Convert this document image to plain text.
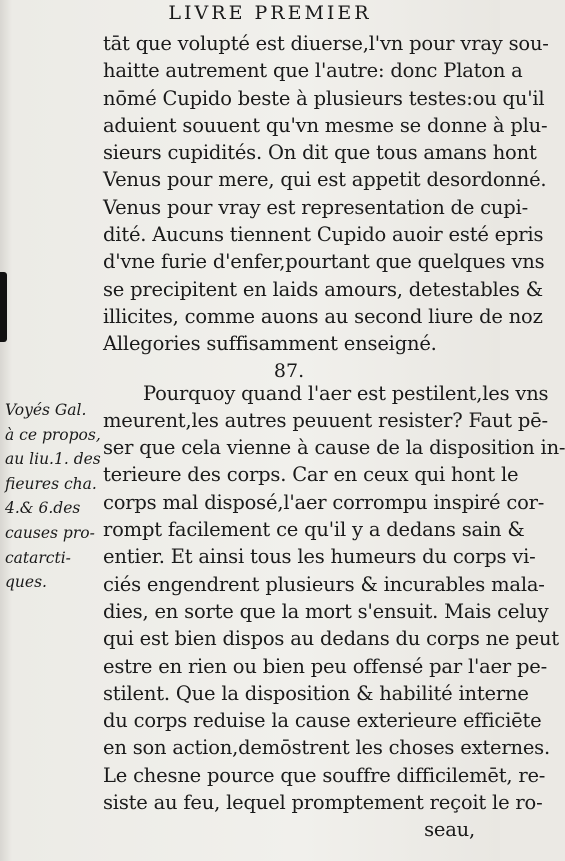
LIVRE PREMIER
tāt que volupté est diuerse,l'vn pour vray sou-
haitte autrement que l'autre: donc Platon a
nōmé Cupido beste à plusieurs testes:ou qu'il
aduient souuent qu'vn mesme se donne à plu-
sieurs cupidités. On dit que tous amans hont
Venus pour mere, qui est appetit desordonné.
Venus pour vray est representation de cupi-
dité. Aucuns tiennent Cupido auoir esté epris
d'vne furie d'enfer,pourtant que quelques vns
se precipitent en laids amours, detestables &
illicites, comme auons au second liure de noz
Allegories suffisamment enseigné.
87.
Pourquoy quand l'aer est pestilent,les vns
meurent,les autres peuuent resister? Faut pē-
ser que cela vienne à cause de la disposition in-
terieure des corps. Car en ceux qui hont le
corps mal disposé,l'aer corrompu inspiré cor-
rompt facilement ce qu'il y a dedans sain &
entier. Et ainsi tous les humeurs du corps vi-
ciés engendrent plusieurs & incurables mala-
dies, en sorte que la mort s'ensuit. Mais celuy
qui est bien dispos au dedans du corps ne peut
estre en rien ou bien peu offensé par l'aer pe-
stilent. Que la disposition & habilité interne
du corps reduise la cause exterieure efficiēte
en son action,demōstrent les choses externes.
Le chesne pource que souffre difficilemēt, re-
siste au feu, lequel promptement reçoit le ro-
seau,
Voyés Gal.
à ce propos,
au liu.1. des
fieures cha.
4.& 6.des
causes pro-
catarcti-
ques.
